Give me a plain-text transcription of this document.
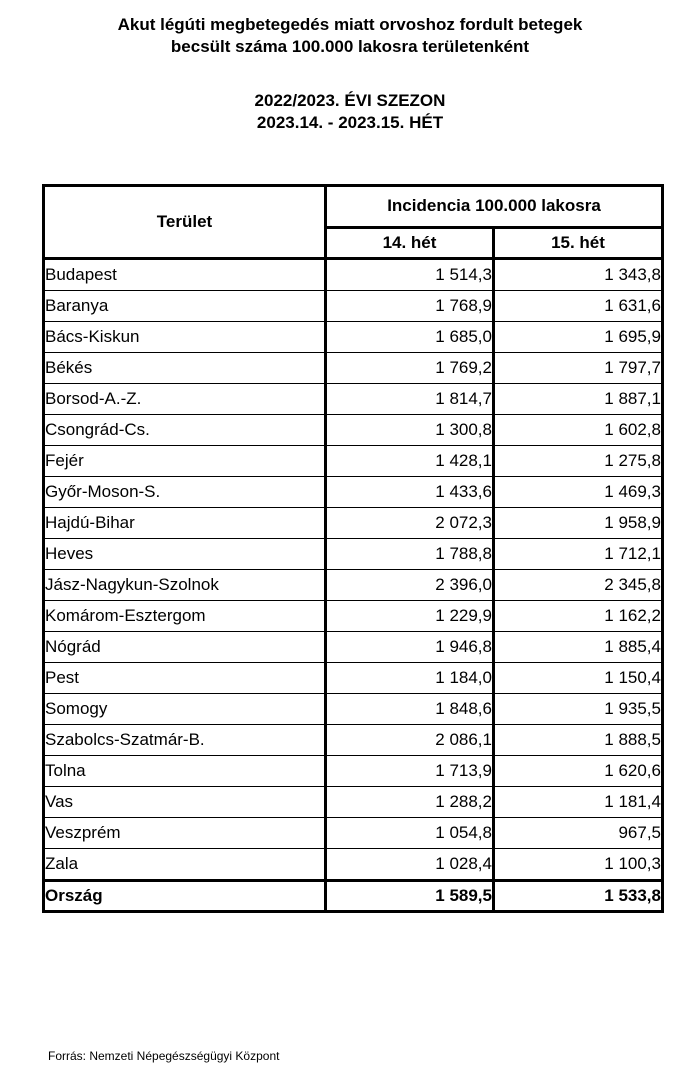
Akut légúti megbetegedés miatt orvoshoz fordult betegek
becsült száma 100.000 lakosra területenként
2022/2023. ÉVI SZEZON
2023.14. - 2023.15. HÉT
Terület	Incidencia 100.000 lakosra	
	14. hét	15. hét
Budapest	1 514,3	1 343,8
Baranya	1 768,9	1 631,6
Bács-Kiskun	1 685,0	1 695,9
Békés	1 769,2	1 797,7
Borsod-A.-Z.	1 814,7	1 887,1
Csongrád-Cs.	1 300,8	1 602,8
Fejér	1 428,1	1 275,8
Győr-Moson-S.	1 433,6	1 469,3
Hajdú-Bihar	2 072,3	1 958,9
Heves	1 788,8	1 712,1
Jász-Nagykun-Szolnok	2 396,0	2 345,8
Komárom-Esztergom	1 229,9	1 162,2
Nógrád	1 946,8	1 885,4
Pest	1 184,0	1 150,4
Somogy	1 848,6	1 935,5
Szabolcs-Szatmár-B.	2 086,1	1 888,5
Tolna	1 713,9	1 620,6
Vas	1 288,2	1 181,4
Veszprém	1 054,8	967,5
Zala	1 028,4	1 100,3
Ország	1 589,5	1 533,8
Forrás: Nemzeti Népegészségügyi Központ
